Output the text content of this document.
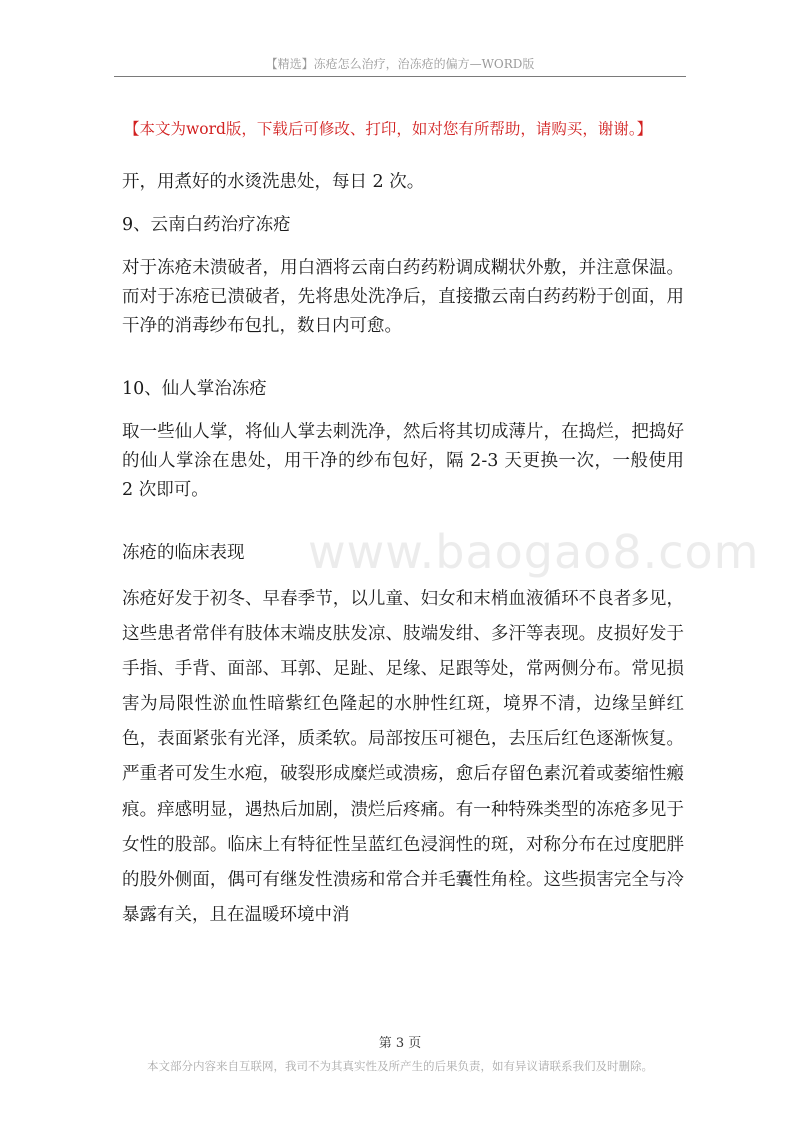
【精选】冻疮怎么治疗，治冻疮的偏方—WORD版
【本文为word版，下载后可修改、打印，如对您有所帮助，请购买，谢谢。】
www.baogao8.com

开，用煮好的水烫洗患处，每日 2 次。

9、云南白药治疗冻疮

对于冻疮未溃破者，用白酒将云南白药药粉调成糊状外敷，并注意保温。而对于冻疮已溃破者，先将患处洗净后，直接撒云南白药药粉于创面，用干净的消毒纱布包扎，数日内可愈。

10、仙人掌治冻疮

取一些仙人掌，将仙人掌去刺洗净，然后将其切成薄片，在捣烂，把捣好的仙人掌涂在患处，用干净的纱布包好，隔 2-3 天更换一次，一般使用 2 次即可。

冻疮的临床表现

冻疮好发于初冬、早春季节，以儿童、妇女和末梢血液循环不良者多见，这些患者常伴有肢体末端皮肤发凉、肢端发绀、多汗等表现。皮损好发于手指、手背、面部、耳郭、足趾、足缘、足跟等处，常两侧分布。常见损害为局限性淤血性暗紫红色隆起的水肿性红斑，境界不清，边缘呈鲜红色，表面紧张有光泽，质柔软。局部按压可褪色，去压后红色逐渐恢复。严重者可发生水疱，破裂形成糜烂或溃疡，愈后存留色素沉着或萎缩性瘢痕。痒感明显，遇热后加剧，溃烂后疼痛。有一种特殊类型的冻疮多见于女性的股部。临床上有特征性呈蓝红色浸润性的斑，对称分布在过度肥胖的股外侧面，偶可有继发性溃疡和常合并毛囊性角栓。这些损害完全与冷暴露有关，且在温暖环境中消

第 3 页
本文部分内容来自互联网，我司不为其真实性及所产生的后果负责，如有异议请联系我们及时删除。
